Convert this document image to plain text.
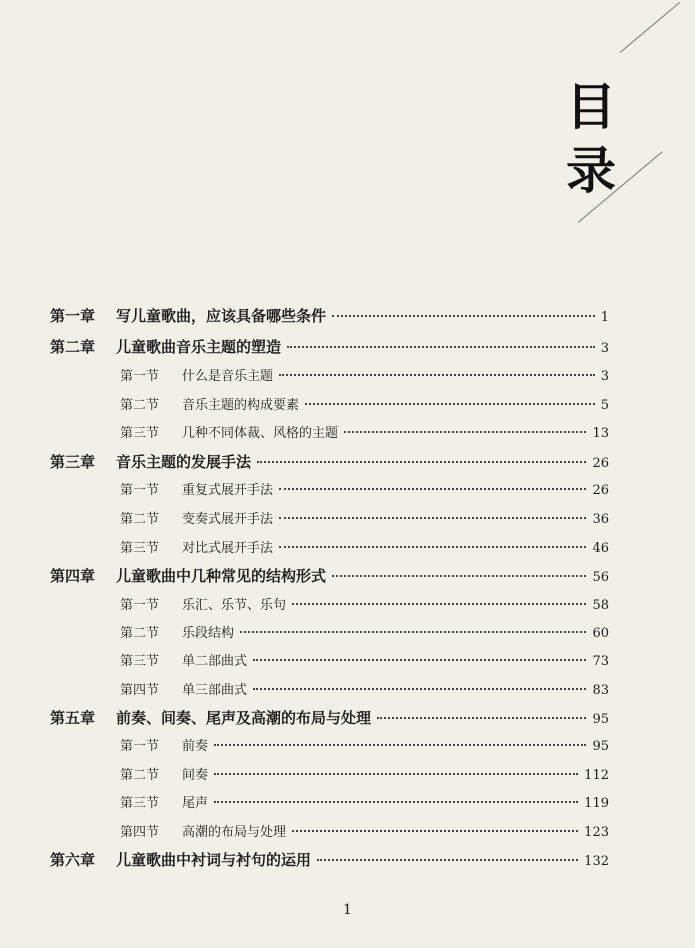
目
录
第一章	写儿童歌曲，应该具备哪些条件	1
第二章	儿童歌曲音乐主题的塑造	3
第一节	什么是音乐主题	3
第二节	音乐主题的构成要素	5
第三节	几种不同体裁、风格的主题	13
第三章	音乐主题的发展手法	26
第一节	重复式展开手法	26
第二节	变奏式展开手法	36
第三节	对比式展开手法	46
第四章	儿童歌曲中几种常见的结构形式	56
第一节	乐汇、乐节、乐句	58
第二节	乐段结构	60
第三节	单二部曲式	73
第四节	单三部曲式	83
第五章	前奏、间奏、尾声及高潮的布局与处理	95
第一节	前奏	95
第二节	间奏	112
第三节	尾声	119
第四节	高潮的布局与处理	123
第六章	儿童歌曲中衬词与衬句的运用	132
1
